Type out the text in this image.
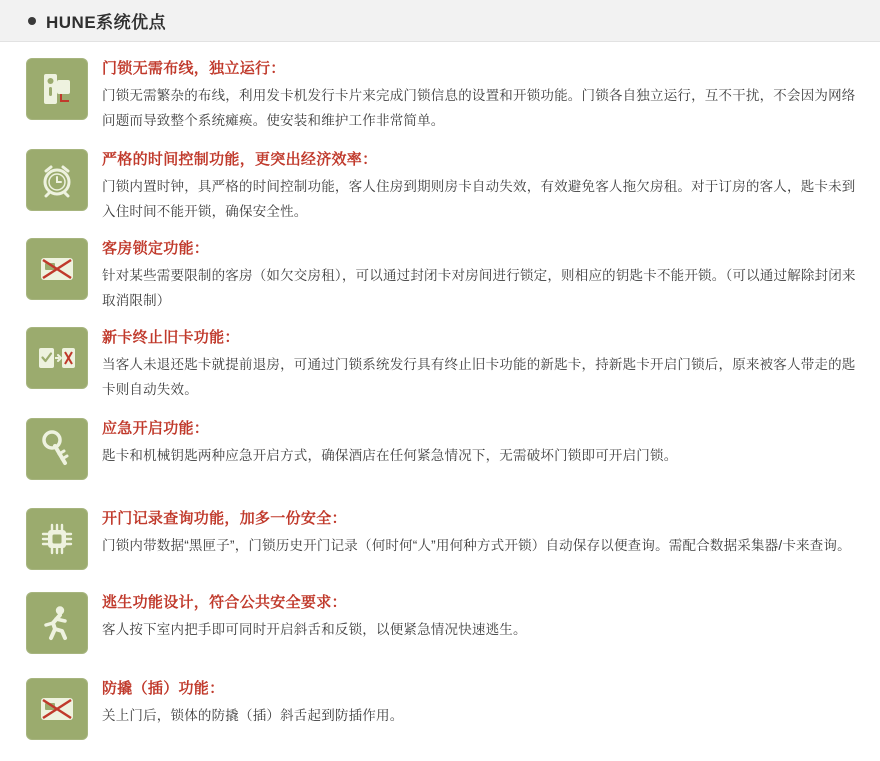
HUNE系统优点
门锁无需布线，独立运行：
门锁无需繁杂的布线，利用发卡机发行卡片来完成门锁信息的设置和开锁功能。门锁各自独立运行，互不干扰，不会因为网络问题而导致整个系统瘫痪。使安装和维护工作非常简单。
严格的时间控制功能，更突出经济效率：
门锁内置时钟，具严格的时间控制功能，客人住房到期则房卡自动失效，有效避免客人拖欠房租。对于订房的客人，匙卡未到入住时间不能开锁，确保安全性。
客房锁定功能：
针对某些需要限制的客房（如欠交房租），可以通过封闭卡对房间进行锁定，则相应的钥匙卡不能开锁。（可以通过解除封闭来取消限制）
新卡终止旧卡功能：
当客人未退还匙卡就提前退房，可通过门锁系统发行具有终止旧卡功能的新匙卡，持新匙卡开启门锁后，原来被客人带走的匙卡则自动失效。
应急开启功能：
匙卡和机械钥匙两种应急开启方式，确保酒店在任何紧急情况下，无需破坏门锁即可开启门锁。
开门记录查询功能，加多一份安全：
门锁内带数据“黑匣子”，门锁历史开门记录（何时何“人”用何种方式开锁）自动保存以便查询。需配合数据采集器/卡来查询。
逃生功能设计，符合公共安全要求：
客人按下室内把手即可同时开启斜舌和反锁，以便紧急情况快速逃生。
防撬（插）功能：
关上门后，锁体的防撬（插）斜舌起到防插作用。
